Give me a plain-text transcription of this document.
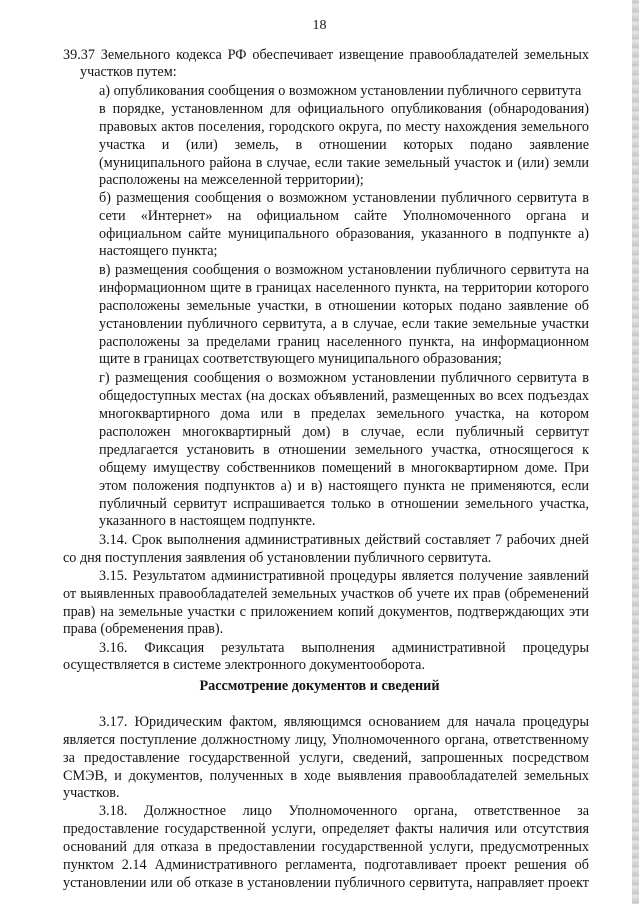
18

39.37 Земельного кодекса РФ обеспечивает извещение правообладателей земельных

участков путем:

а) опубликования сообщения о возможном установлении публичного сервитута

в порядке, установленном для официального опубликования (обнародования)

правовых актов поселения, городского округа, по месту нахождения земельного

участка и (или) земель, в отношении которых подано заявление

(муниципального района в случае, если такие земельный участок и (или) земли

расположены на межселенной территории);

б) размещения сообщения о возможном установлении публичного сервитута в

сети «Интернет» на официальном сайте Уполномоченного органа и

официальном сайте муниципального образования, указанного в подпункте а)

настоящего пункта;

в) размещения сообщения о возможном установлении публичного сервитута на

информационном щите в границах населенного пункта, на территории которого

расположены земельные участки, в отношении которых подано заявление об

установлении публичного сервитута, а в случае, если такие земельные участки

расположены за пределами границ населенного пункта, на информационном

щите в границах соответствующего муниципального образования;

г) размещения сообщения о возможном установлении публичного сервитута в

общедоступных местах (на досках объявлений, размещенных во всех подъездах

многоквартирного дома или в пределах земельного участка, на котором

расположен многоквартирный дом) в случае, если публичный сервитут

предлагается установить в отношении земельного участка, относящегося к

общему имуществу собственников помещений в многоквартирном доме. При

этом положения подпунктов а) и в) настоящего пункта не применяются, если

публичный сервитут испрашивается только в отношении земельного участка,

указанного в настоящем подпункте.

3.14. Срок выполнения административных действий составляет 7 рабочих дней

со дня поступления заявления об установлении публичного сервитута.

3.15. Результатом административной процедуры является получение заявлений

от выявленных правообладателей земельных участков об учете их прав (обременений

прав) на земельные участки с приложением копий документов, подтверждающих эти

права (обременения прав).

Рассмотрение документов и сведений

3.16. Фиксация результата выполнения административной процедуры

осуществляется в системе электронного документооборота.

3.17. Юридическим фактом, являющимся основанием для начала процедуры

является поступление должностному лицу, Уполномоченного органа, ответственному

за предоставление государственной услуги, сведений, запрошенных посредством

СМЭВ, и документов, полученных в ходе выявления правообладателей земельных

участков.

3.18. Должностное лицо Уполномоченного органа, ответственное за

предоставление государственной услуги, определяет факты наличия или отсутствия

оснований для отказа в предоставлении государственной услуги, предусмотренных

пунктом 2.14 Административного регламента, подготавливает проект решения об

установлении или об отказе в установлении публичного сервитута, направляет проект
